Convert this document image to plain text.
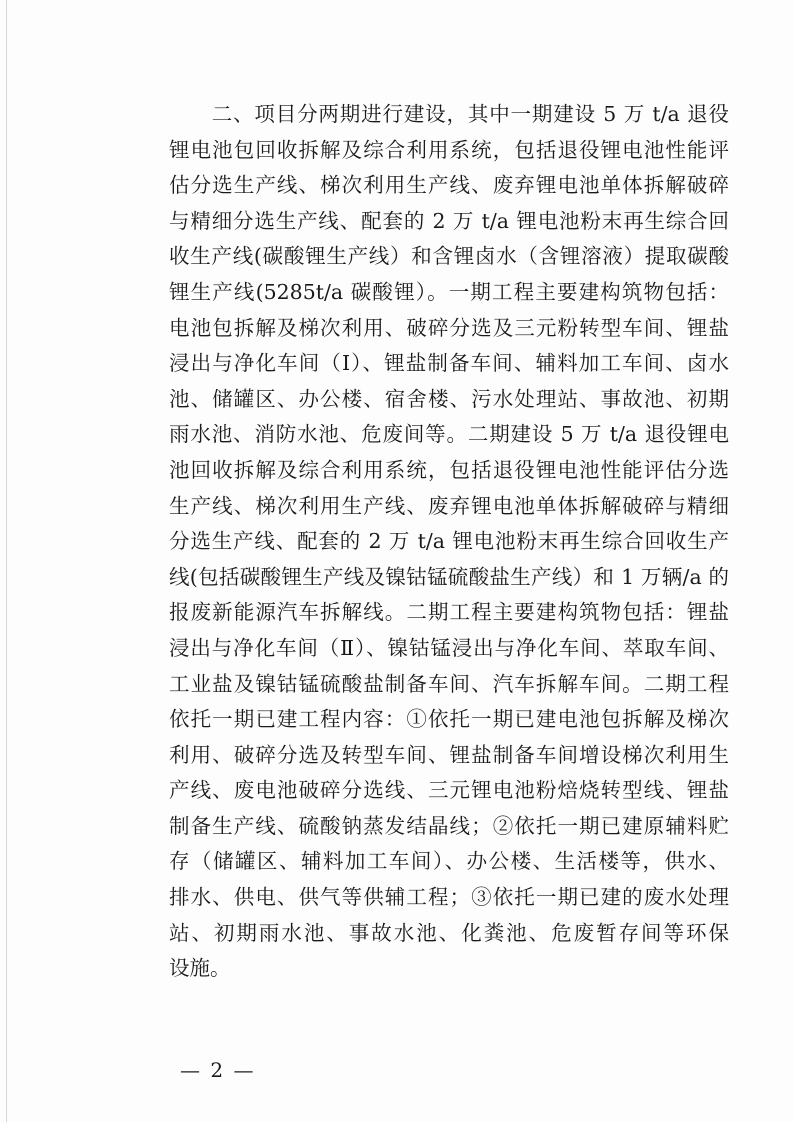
　　二、项目分两期进行建设，其中一期建设 5 万 t/a 退役
锂电池包回收拆解及综合利用系统，包括退役锂电池性能评
估分选生产线、梯次利用生产线、废弃锂电池单体拆解破碎
与精细分选生产线、配套的 2 万 t/a 锂电池粉末再生综合回
收生产线(碳酸锂生产线）和含锂卤水（含锂溶液）提取碳酸
锂生产线(5285t/a 碳酸锂）。一期工程主要建构筑物包括：
电池包拆解及梯次利用、破碎分选及三元粉转型车间、锂盐
浸出与净化车间（Ⅰ）、锂盐制备车间、辅料加工车间、卤水
池、储罐区、办公楼、宿舍楼、污水处理站、事故池、初期
雨水池、消防水池、危废间等。二期建设 5 万 t/a 退役锂电
池回收拆解及综合利用系统，包括退役锂电池性能评估分选
生产线、梯次利用生产线、废弃锂电池单体拆解破碎与精细
分选生产线、配套的 2 万 t/a 锂电池粉末再生综合回收生产
线(包括碳酸锂生产线及镍钴锰硫酸盐生产线）和 1 万辆/a 的
报废新能源汽车拆解线。二期工程主要建构筑物包括：锂盐
浸出与净化车间（Ⅱ）、镍钴锰浸出与净化车间、萃取车间、
工业盐及镍钴锰硫酸盐制备车间、汽车拆解车间。二期工程
依托一期已建工程内容：①依托一期已建电池包拆解及梯次
利用、破碎分选及转型车间、锂盐制备车间增设梯次利用生
产线、废电池破碎分选线、三元锂电池粉焙烧转型线、锂盐
制备生产线、硫酸钠蒸发结晶线；②依托一期已建原辅料贮
存（储罐区、辅料加工车间）、办公楼、生活楼等，供水、
排水、供电、供气等供辅工程；③依托一期已建的废水处理
站、初期雨水池、事故水池、化粪池、危废暂存间等环保
设施。
— 2 —
